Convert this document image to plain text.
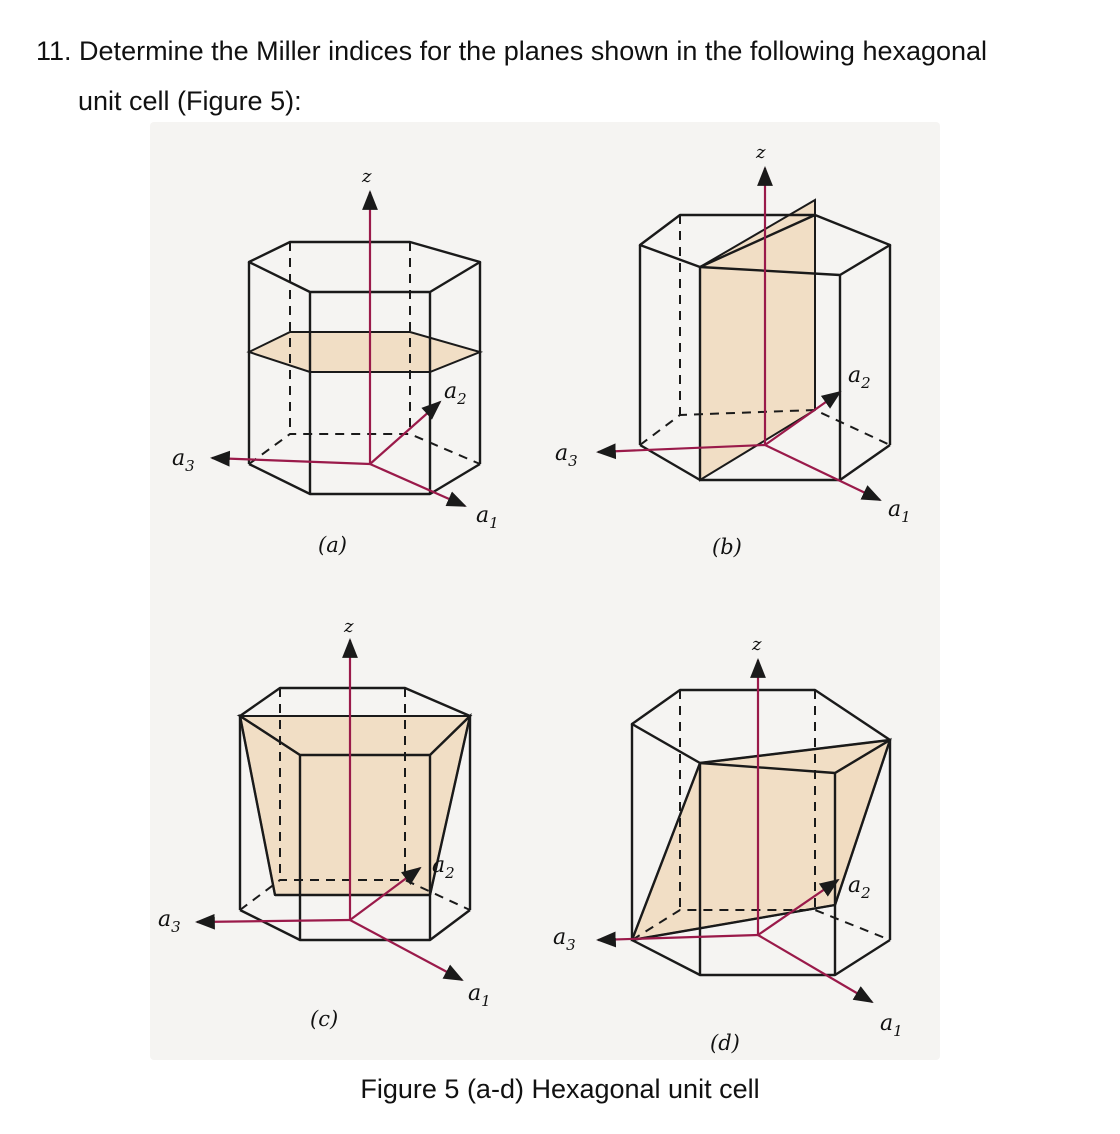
11. Determine the Miller indices for the planes shown in the following hexagonal
unit cell (Figure 5):
z
$a_3$
$a_1$
$a_2$
(a)
z
$a_3$
$a_1$
$a_2$
(b)
z
$a_3$
$a_1$
$a_2$
(c)
z
$a_3$
$a_1$
$a_2$
(d)
Figure 5 (a-d) Hexagonal unit cell
